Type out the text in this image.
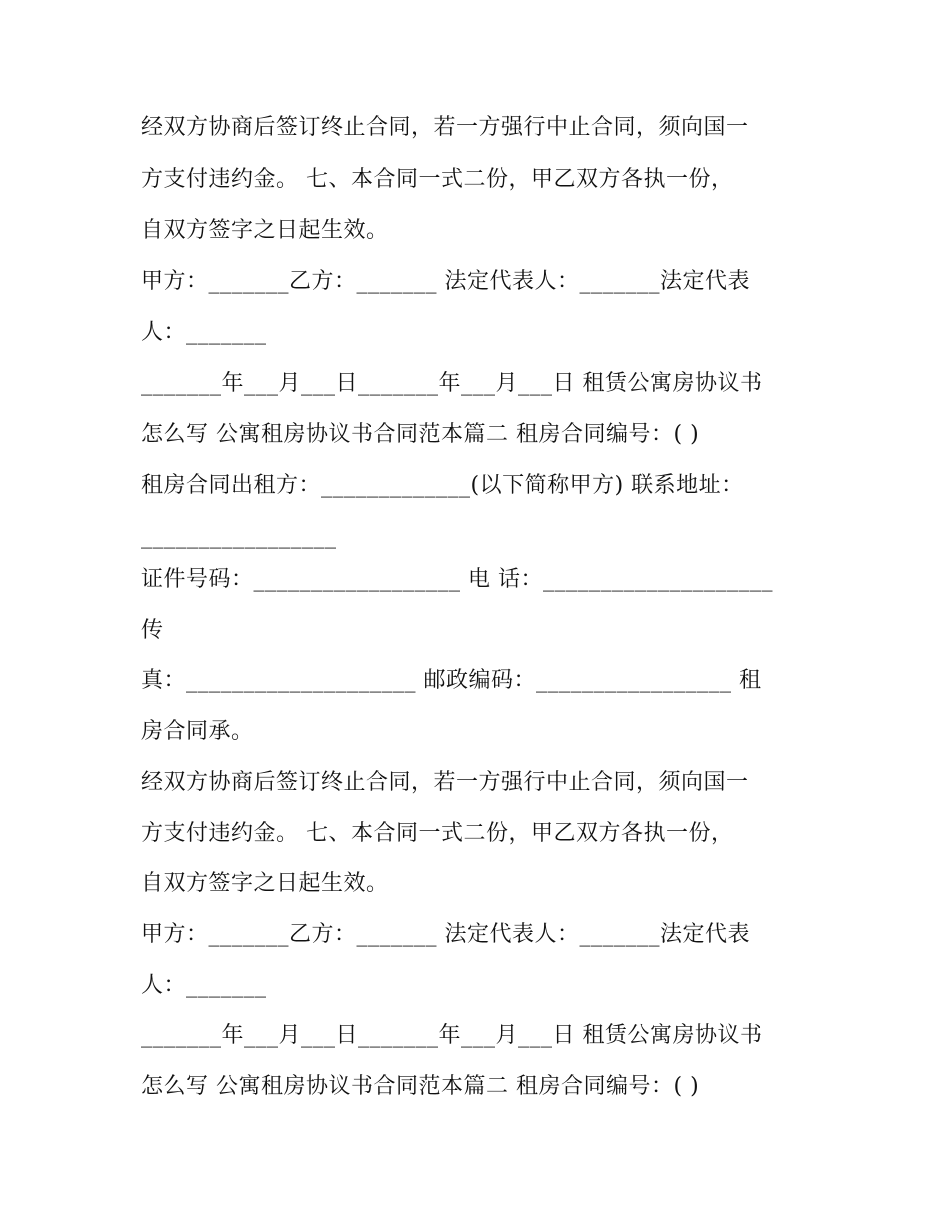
经双方协商后签订终止合同，若一方强行中止合同，须向国一
方支付违约金。 七、本合同一式二份，甲乙双方各执一份，
自双方签字之日起生效。
甲方：_______乙方：_______ 法定代表人：_______法定代表
人：_______
_______年___月___日_______年___月___日 租赁公寓房协议书
怎么写 公寓租房协议书合同范本篇二 租房合同编号：( )
租房合同出租方：_____________(以下简称甲方) 联系地址：
_________________
证件号码：__________________ 电 话：____________________
传
真：____________________ 邮政编码：_________________ 租
房合同承。
经双方协商后签订终止合同，若一方强行中止合同，须向国一
方支付违约金。 七、本合同一式二份，甲乙双方各执一份，
自双方签字之日起生效。
甲方：_______乙方：_______ 法定代表人：_______法定代表
人：_______
_______年___月___日_______年___月___日 租赁公寓房协议书
怎么写 公寓租房协议书合同范本篇二 租房合同编号：( )
